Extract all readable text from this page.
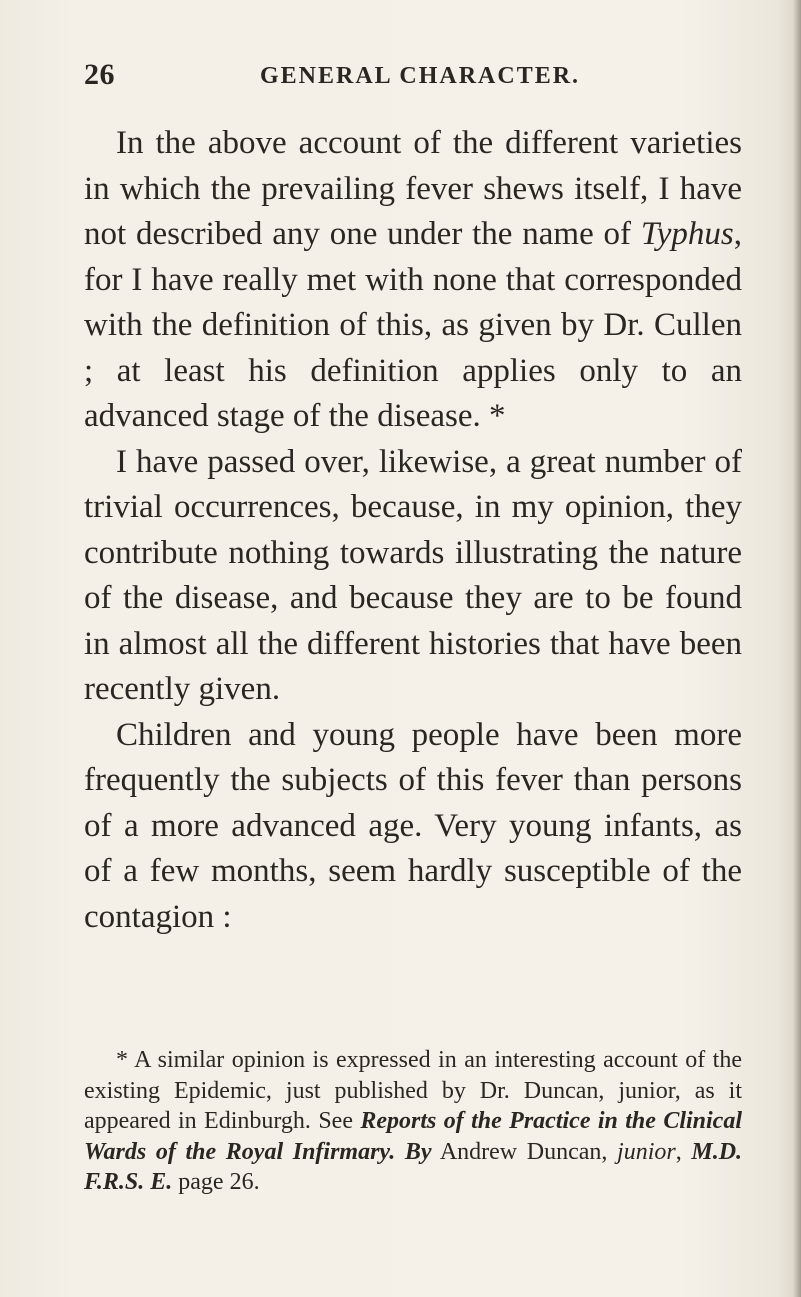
26	GENERAL CHARACTER.

In the above account of the different varieties in which the prevailing fever shews itself, I have not described any one under the name of Typhus, for I have really met with none that corresponded with the definition of this, as given by Dr. Cullen ; at least his definition applies only to an advanced stage of the disease. *

I have passed over, likewise, a great number of trivial occurrences, because, in my opinion, they contribute nothing towards illustrating the nature of the disease, and because they are to be found in almost all the different histories that have been recently given.

Children and young people have been more frequently the subjects of this fever than persons of a more advanced age. Very young infants, as of a few months, seem hardly susceptible of the contagion :

* A similar opinion is expressed in an interesting account of the existing Epidemic, just published by Dr. Duncan, junior, as it appeared in Edinburgh. See Reports of the Practice in the Clinical Wards of the Royal Infirmary. By Andrew Duncan, junior, M.D. F.R.S. E. page 26.
